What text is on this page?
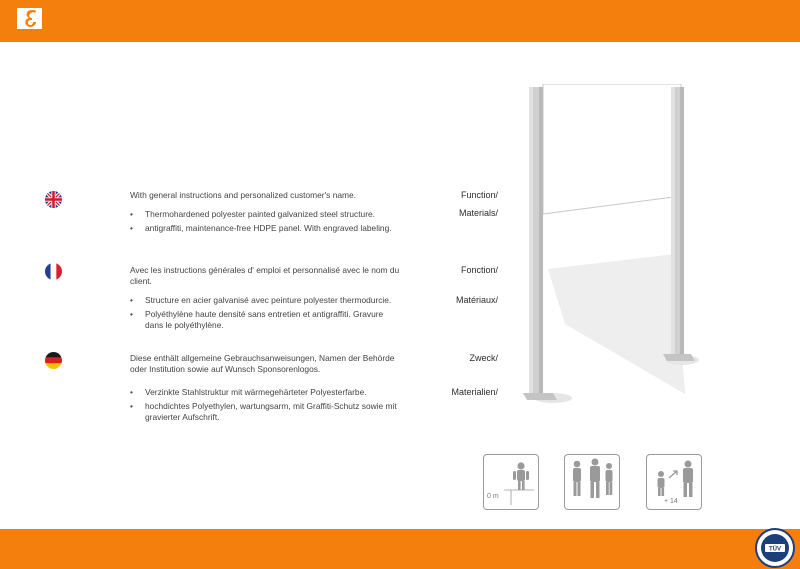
Function/
With general instructions and personalized customer's name.
Materials/
• Thermohardened polyester painted galvanized steel structure.
• antigraffiti, maintenance-free HDPE panel. With engraved labeling.
Fonction/
Avec les instructions générales d' emploi et personnalisé avec le nom du client.
Matériaux/
• Structure en acier galvanisé avec peinture polyester thermodurcie.
• Polyéthylène haute densité sans entretien et antigraffiti. Gravure dans le polyéthylène.
Zweck/
Diese enthält allgemeine Gebrauchsanweisungen, Namen der Behörde oder Institution sowie auf Wunsch Sponsorenlogos.
Materialien/
• Verzinkte Stahlstruktur mit wärmegehärteter Polyesterfarbe.
• hochdichtes Polyethylen, wartungsarm, mit Graffiti-Schutz sowie mit gravierter Aufschrift.
0 m
+ 14
TÜV
